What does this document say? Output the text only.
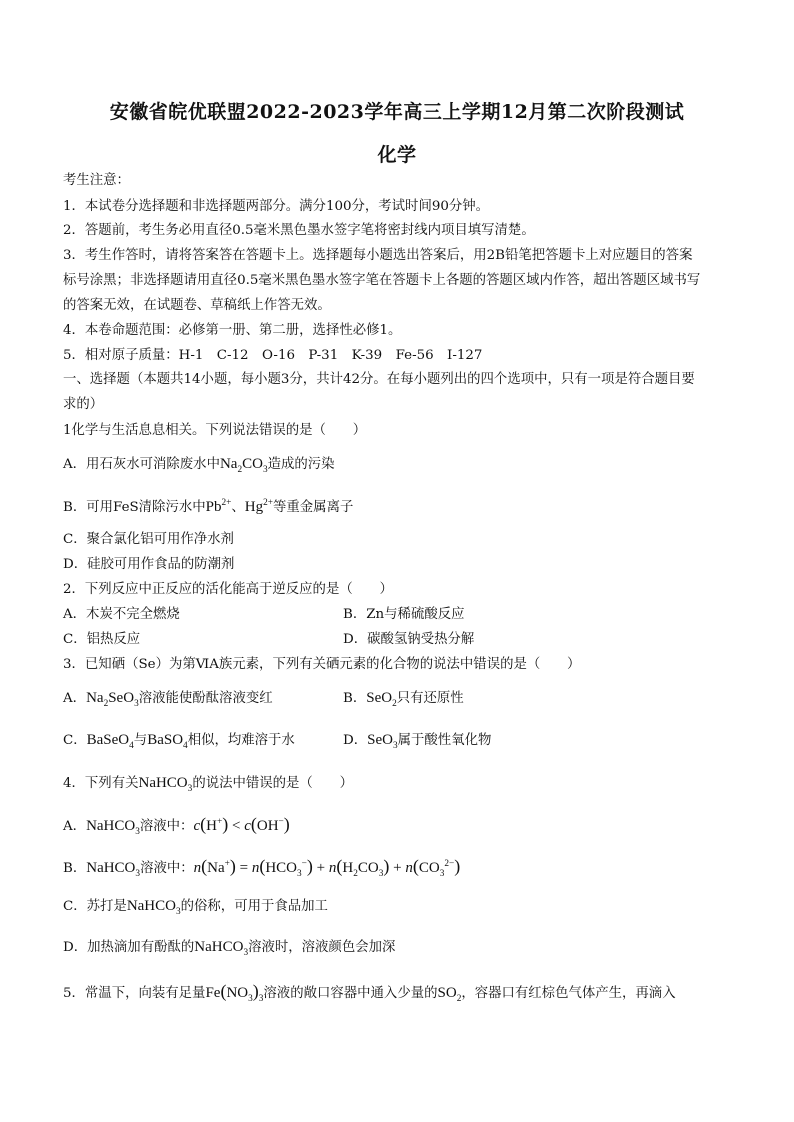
安徽省皖优联盟2022-2023学年高三上学期12月第二次阶段测试
化学
考生注意：
1．本试卷分选择题和非选择题两部分。满分100分，考试时间90分钟。
2．答题前，考生务必用直径0.5毫米黑色墨水签字笔将密封线内项目填写清楚。
3．考生作答时，请将答案答在答题卡上。选择题每小题选出答案后，用2B铅笔把答题卡上对应题目的答案
标号涂黑；非选择题请用直径0.5毫米黑色墨水签字笔在答题卡上各题的答题区域内作答，超出答题区域书写
的答案无效，在试题卷、草稿纸上作答无效。
4．本卷命题范围：必修第一册、第二册，选择性必修1。
5．相对原子质量：H-1　C-12　O-16　P-31　K-39　Fe-56　I-127
一、选择题（本题共14小题，每小题3分，共计42分。在每小题列出的四个选项中，只有一项是符合题目要
求的）
1化学与生活息息相关。下列说法错误的是（　　）
A．用石灰水可消除废水中$Na_2CO_3$造成的污染
B．可用FeS清除污水中$Pb^{2+}$、$Hg^{2+}$等重金属离子
C．聚合氯化铝可用作净水剂
D．硅胶可用作食品的防潮剂
2．下列反应中正反应的活化能高于逆反应的是（　　）
A．木炭不完全燃烧	B．Zn与稀硫酸反应
C．铝热反应	D．碳酸氢钠受热分解
3．已知硒（Se）为第ⅥA族元素，下列有关硒元素的化合物的说法中错误的是（　　）
A．$Na_2SeO_3$溶液能使酚酞溶液变红	B．SeO$_2$只有还原性
C．BaSeO$_4$与BaSO$_4$相似，均难溶于水	D．SeO$_3$属于酸性氧化物
4．下列有关NaHCO$_3$的说法中错误的是（　　）
A．NaHCO$_3$溶液中：c(H+) < c(OH−)
B．NaHCO$_3$溶液中：$n(Na^+) = n(HCO_3^-) + n(H_2CO_3) + n(CO_3^{2-})$
C．苏打是NaHCO$_3$的俗称，可用于食品加工
D．加热滴加有酚酞的NaHCO$_3$溶液时，溶液颜色会加深
5．常温下，向装有足量$Fe(NO_3)_3$溶液的敞口容器中通入少量的$SO_2$，容器口有红棕色气体产生，再滴入
